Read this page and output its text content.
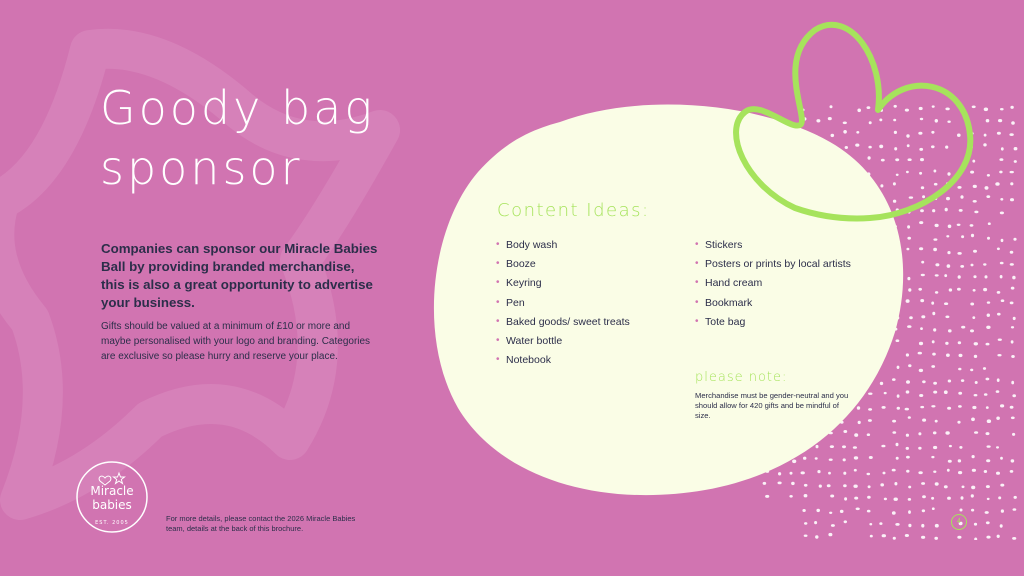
Goody bag
sponsor
Companies can sponsor our Miracle Babies Ball by providing branded merchandise, this is also a great opportunity to advertise your business.
Gifts should be valued at a minimum of £10 or more and maybe personalised with your logo and branding. Categories are exclusive so please hurry and reserve your place.
Content Ideas:
• Body wash
• Booze
• Keyring
• Pen
• Baked goods/ sweet treats
• Water bottle
• Notebook
• Stickers
• Posters or prints by local artists
• Hand cream
• Bookmark
• Tote bag
please note:
Merchandise must be gender-neutral and you should allow for 420 gifts and be mindful of size.
Miracle
babies
EST. 2005	For more details, please contact the 2026 Miracle Babies team, details at the back of this brochure.
4
